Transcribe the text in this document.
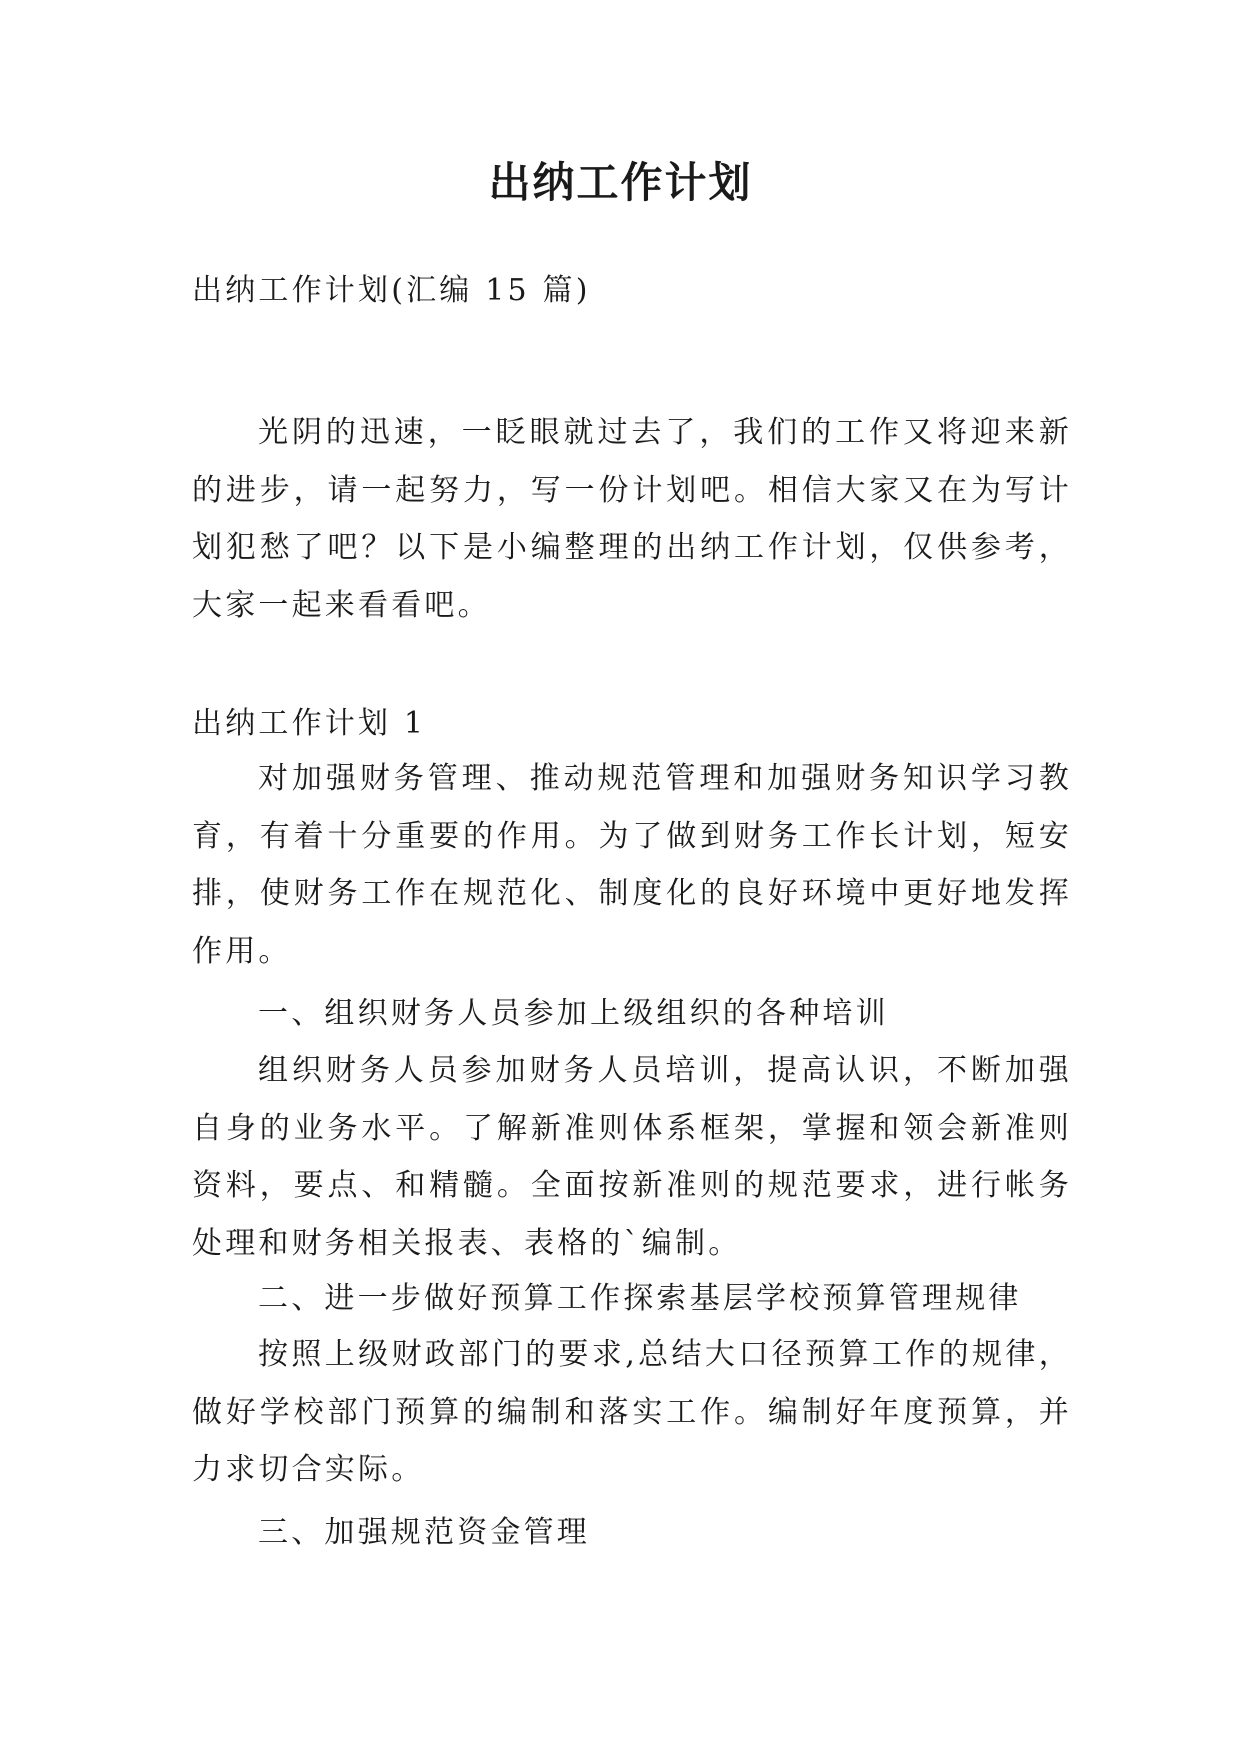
出纳工作计划

出纳工作计划(汇编 15 篇)

光阴的迅速，一眨眼就过去了，我们的工作又将迎来新的进步，请一起努力，写一份计划吧。相信大家又在为写计划犯愁了吧？以下是小编整理的出纳工作计划，仅供参考，大家一起来看看吧。

出纳工作计划 1

对加强财务管理、推动规范管理和加强财务知识学习教育，有着十分重要的作用。为了做到财务工作长计划，短安排，使财务工作在规范化、制度化的良好环境中更好地发挥作用。

一、组织财务人员参加上级组织的各种培训

组织财务人员参加财务人员培训，提高认识，不断加强自身的业务水平。了解新准则体系框架，掌握和领会新准则资料，要点、和精髓。全面按新准则的规范要求，进行帐务处理和财务相关报表、表格的`编制。

二、进一步做好预算工作探索基层学校预算管理规律

按照上级财政部门的要求,总结大口径预算工作的规律，做好学校部门预算的编制和落实工作。编制好年度预算，并力求切合实际。

三、加强规范资金管理
